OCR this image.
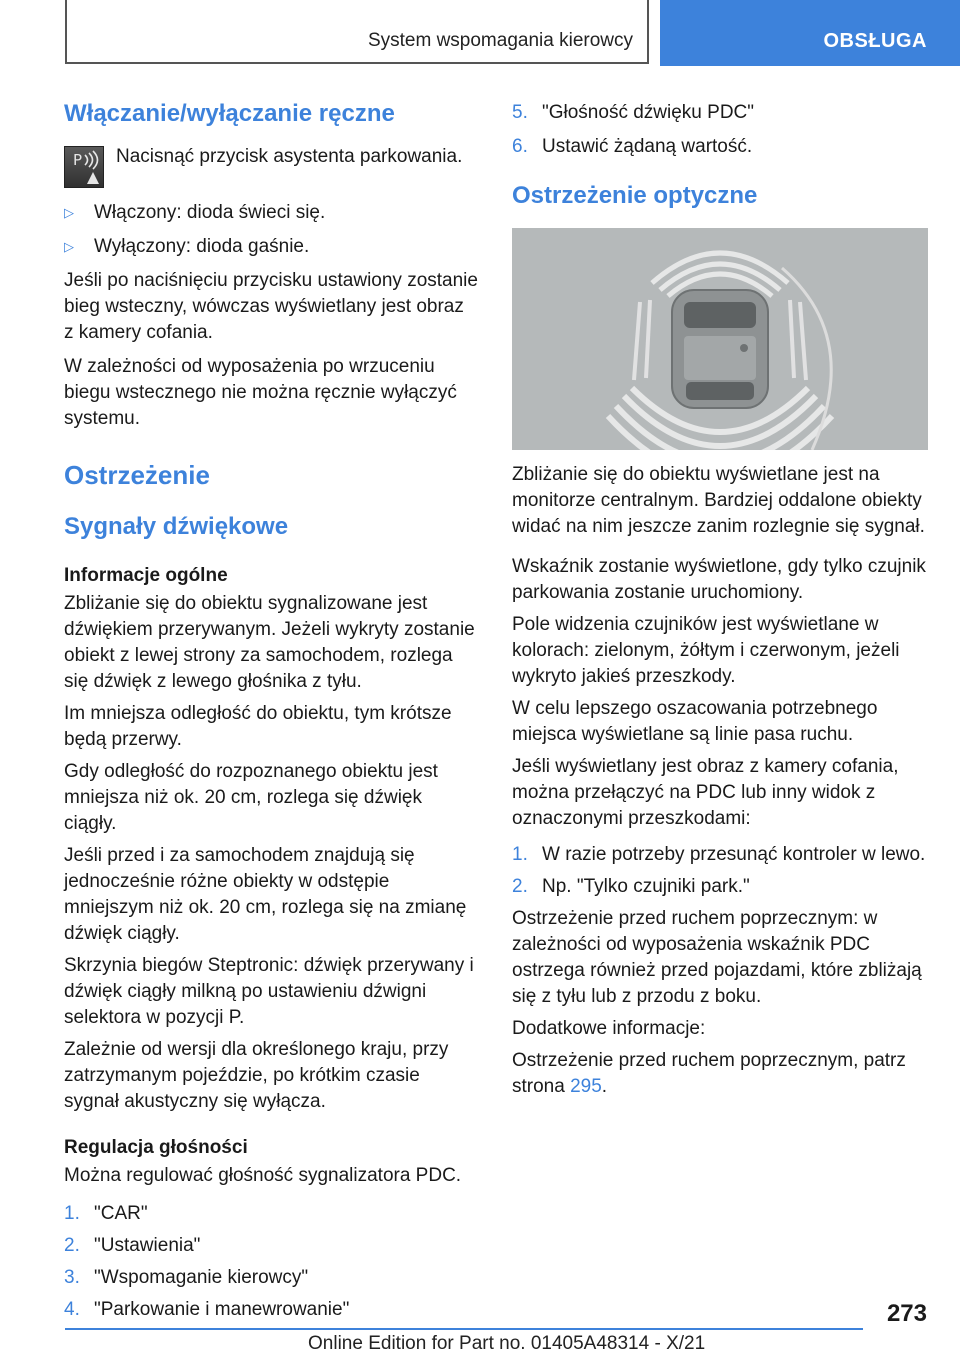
System wspomagania kierowcy	OBSŁUGA
Włączanie/wyłączanie ręczne
P Nacisnąć przycisk asystenta parkowania.

▷ Włączony: dioda świeci się.
▷ Wyłączony: dioda gaśnie.

Jeśli po naciśnięciu przycisku ustawiony zostanie bieg wsteczny, wówczas wyświetlany jest obraz z kamery cofania.

W zależności od wyposażenia po wrzuceniu biegu wstecznego nie można ręcznie wyłączyć systemu.

Ostrzeżenie
Sygnały dźwiękowe
Informacje ogólne

Zbliżanie się do obiektu sygnalizowane jest dźwiękiem przerywanym. Jeżeli wykryty zostanie obiekt z lewej strony za samochodem, rozlega się dźwięk z lewego głośnika z tyłu.

Im mniejsza odległość do obiektu, tym krótsze będą przerwy.

Gdy odległość do rozpoznanego obiektu jest mniejsza niż ok. 20 cm, rozlega się dźwięk ciągły.

Jeśli przed i za samochodem znajdują się jednocześnie różne obiekty w odstępie mniejszym niż ok. 20 cm, rozlega się na zmianę dźwięk ciągły.

Skrzynia biegów Steptronic: dźwięk przerywany i dźwięk ciągły milkną po ustawieniu dźwigni selektora w pozycji P.

Zależnie od wersji dla określonego kraju, przy zatrzymanym pojeździe, po krótkim czasie sygnał akustyczny się wyłącza.

Regulacja głośności

Można regulować głośność sygnalizatora PDC.

1. "CAR"
2. "Ustawienia"
3. "Wspomaganie kierowcy"
4. "Parkowanie i manewrowanie"
5. "Głośność dźwięku PDC"
6. Ustawić żądaną wartość.
Ostrzeżenie optyczne

Zbliżanie się do obiektu wyświetlane jest na monitorze centralnym. Bardziej oddalone obiekty widać na nim jeszcze zanim rozlegnie się sygnał.

Wskaźnik zostanie wyświetlone, gdy tylko czujnik parkowania zostanie uruchomiony.

Pole widzenia czujników jest wyświetlane w kolorach: zielonym, żółtym i czerwonym, jeżeli wykryto jakieś przeszkody.

W celu lepszego oszacowania potrzebnego miejsca wyświetlane są linie pasa ruchu.

Jeśli wyświetlany jest obraz z kamery cofania, można przełączyć na PDC lub inny widok z oznaczonymi przeszkodami:

1. W razie potrzeby przesunąć kontroler w lewo.
2. Np. "Tylko czujniki park."

Ostrzeżenie przed ruchem poprzecznym: w zależności od wyposażenia wskaźnik PDC ostrzega również przed pojazdami, które zbliżają się z tyłu lub z przodu z boku.

Dodatkowe informacje:

Ostrzeżenie przed ruchem poprzecznym, patrz strona 295.

273
Online Edition for Part no. 01405A48314 - X/21
